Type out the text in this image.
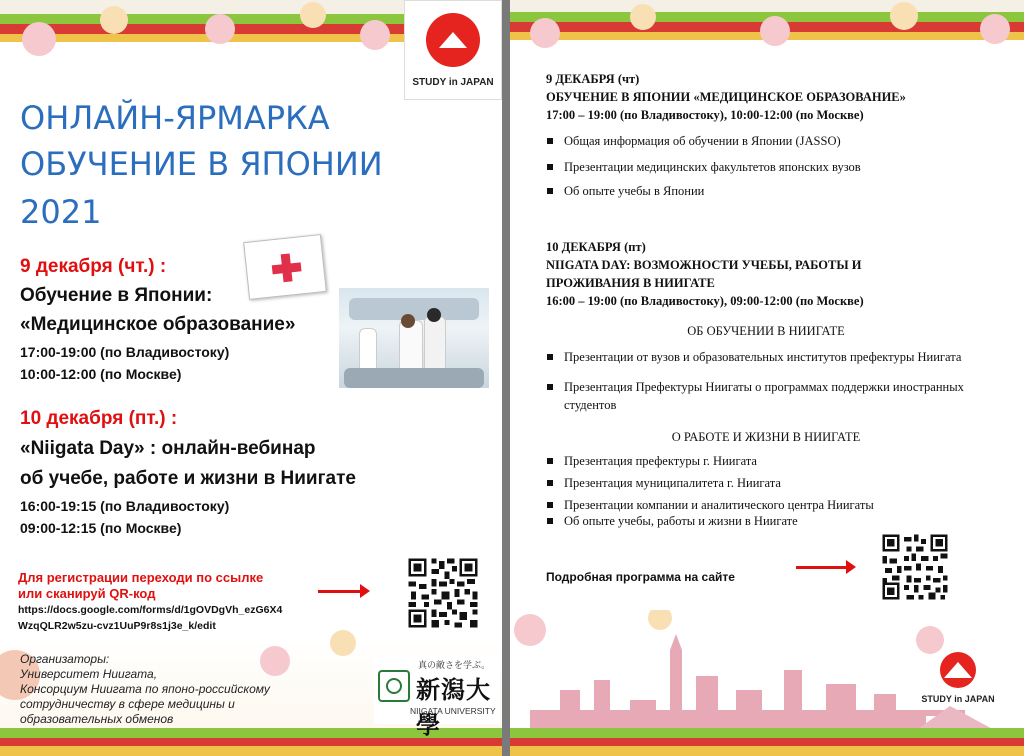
STUDY in JAPAN
ОНЛАЙН-ЯРМАРКА
ОБУЧЕНИЕ В ЯПОНИИ
2021
9 декабря (чт.) :
Обучение в Японии:
«Медицинское образование»
17:00-19:00 (по Владивостоку)
10:00-12:00 (по Москве)
10 декабря (пт.) :
«Niigata Day» : онлайн-вебинар
об учебе, работе и жизни в Ниигате
16:00-19:15 (по Владивостоку)
09:00-12:15 (по Москве)
Для регистрации переходи по ссылке
или сканируй QR-код
https://docs.google.com/forms/d/1gOVDgVh_ezG6X4
WzqQLR2w5zu-cvz1UuP9r8s1j3e_k/edit
Организаторы:
Университет Ниигата,
Консорциум Ниигата по японо-российскому
сотрудничеству в сфере медицины и
образовательных обменов
真の敵さを学ぶ。
新潟大學
NIIGATA UNIVERSITY
9 ДЕКАБРЯ (чт)
ОБУЧЕНИЕ В ЯПОНИИ «МЕДИЦИНСКОЕ ОБРАЗОВАНИЕ»
17:00 – 19:00 (по Владивостоку), 10:00-12:00 (по Москве)
Общая информация об обучении в Японии (JASSO)
Презентации медицинских факультетов японских вузов
Об опыте учебы в Японии
10 ДЕКАБРЯ (пт)
NIIGATA DAY: ВОЗМОЖНОСТИ УЧЕБЫ, РАБОТЫ И
ПРОЖИВАНИЯ В НИИГАТЕ
16:00 – 19:00 (по Владивостоку), 09:00-12:00 (по Москве)
ОБ ОБУЧЕНИИ В НИИГАТЕ
Презентации от вузов и образовательных институтов префектуры Ниигата
Презентация Префектуры Ниигаты о программах поддержки иностранных
студентов
О РАБОТЕ И ЖИЗНИ В НИИГАТЕ
Презентация префектуры г. Ниигата
Презентация муниципалитета г. Ниигата
Презентации компании и аналитического центра Ниигаты
Об опыте учебы, работы и жизни в Ниигате
Подробная программа на сайте
STUDY in JAPAN
